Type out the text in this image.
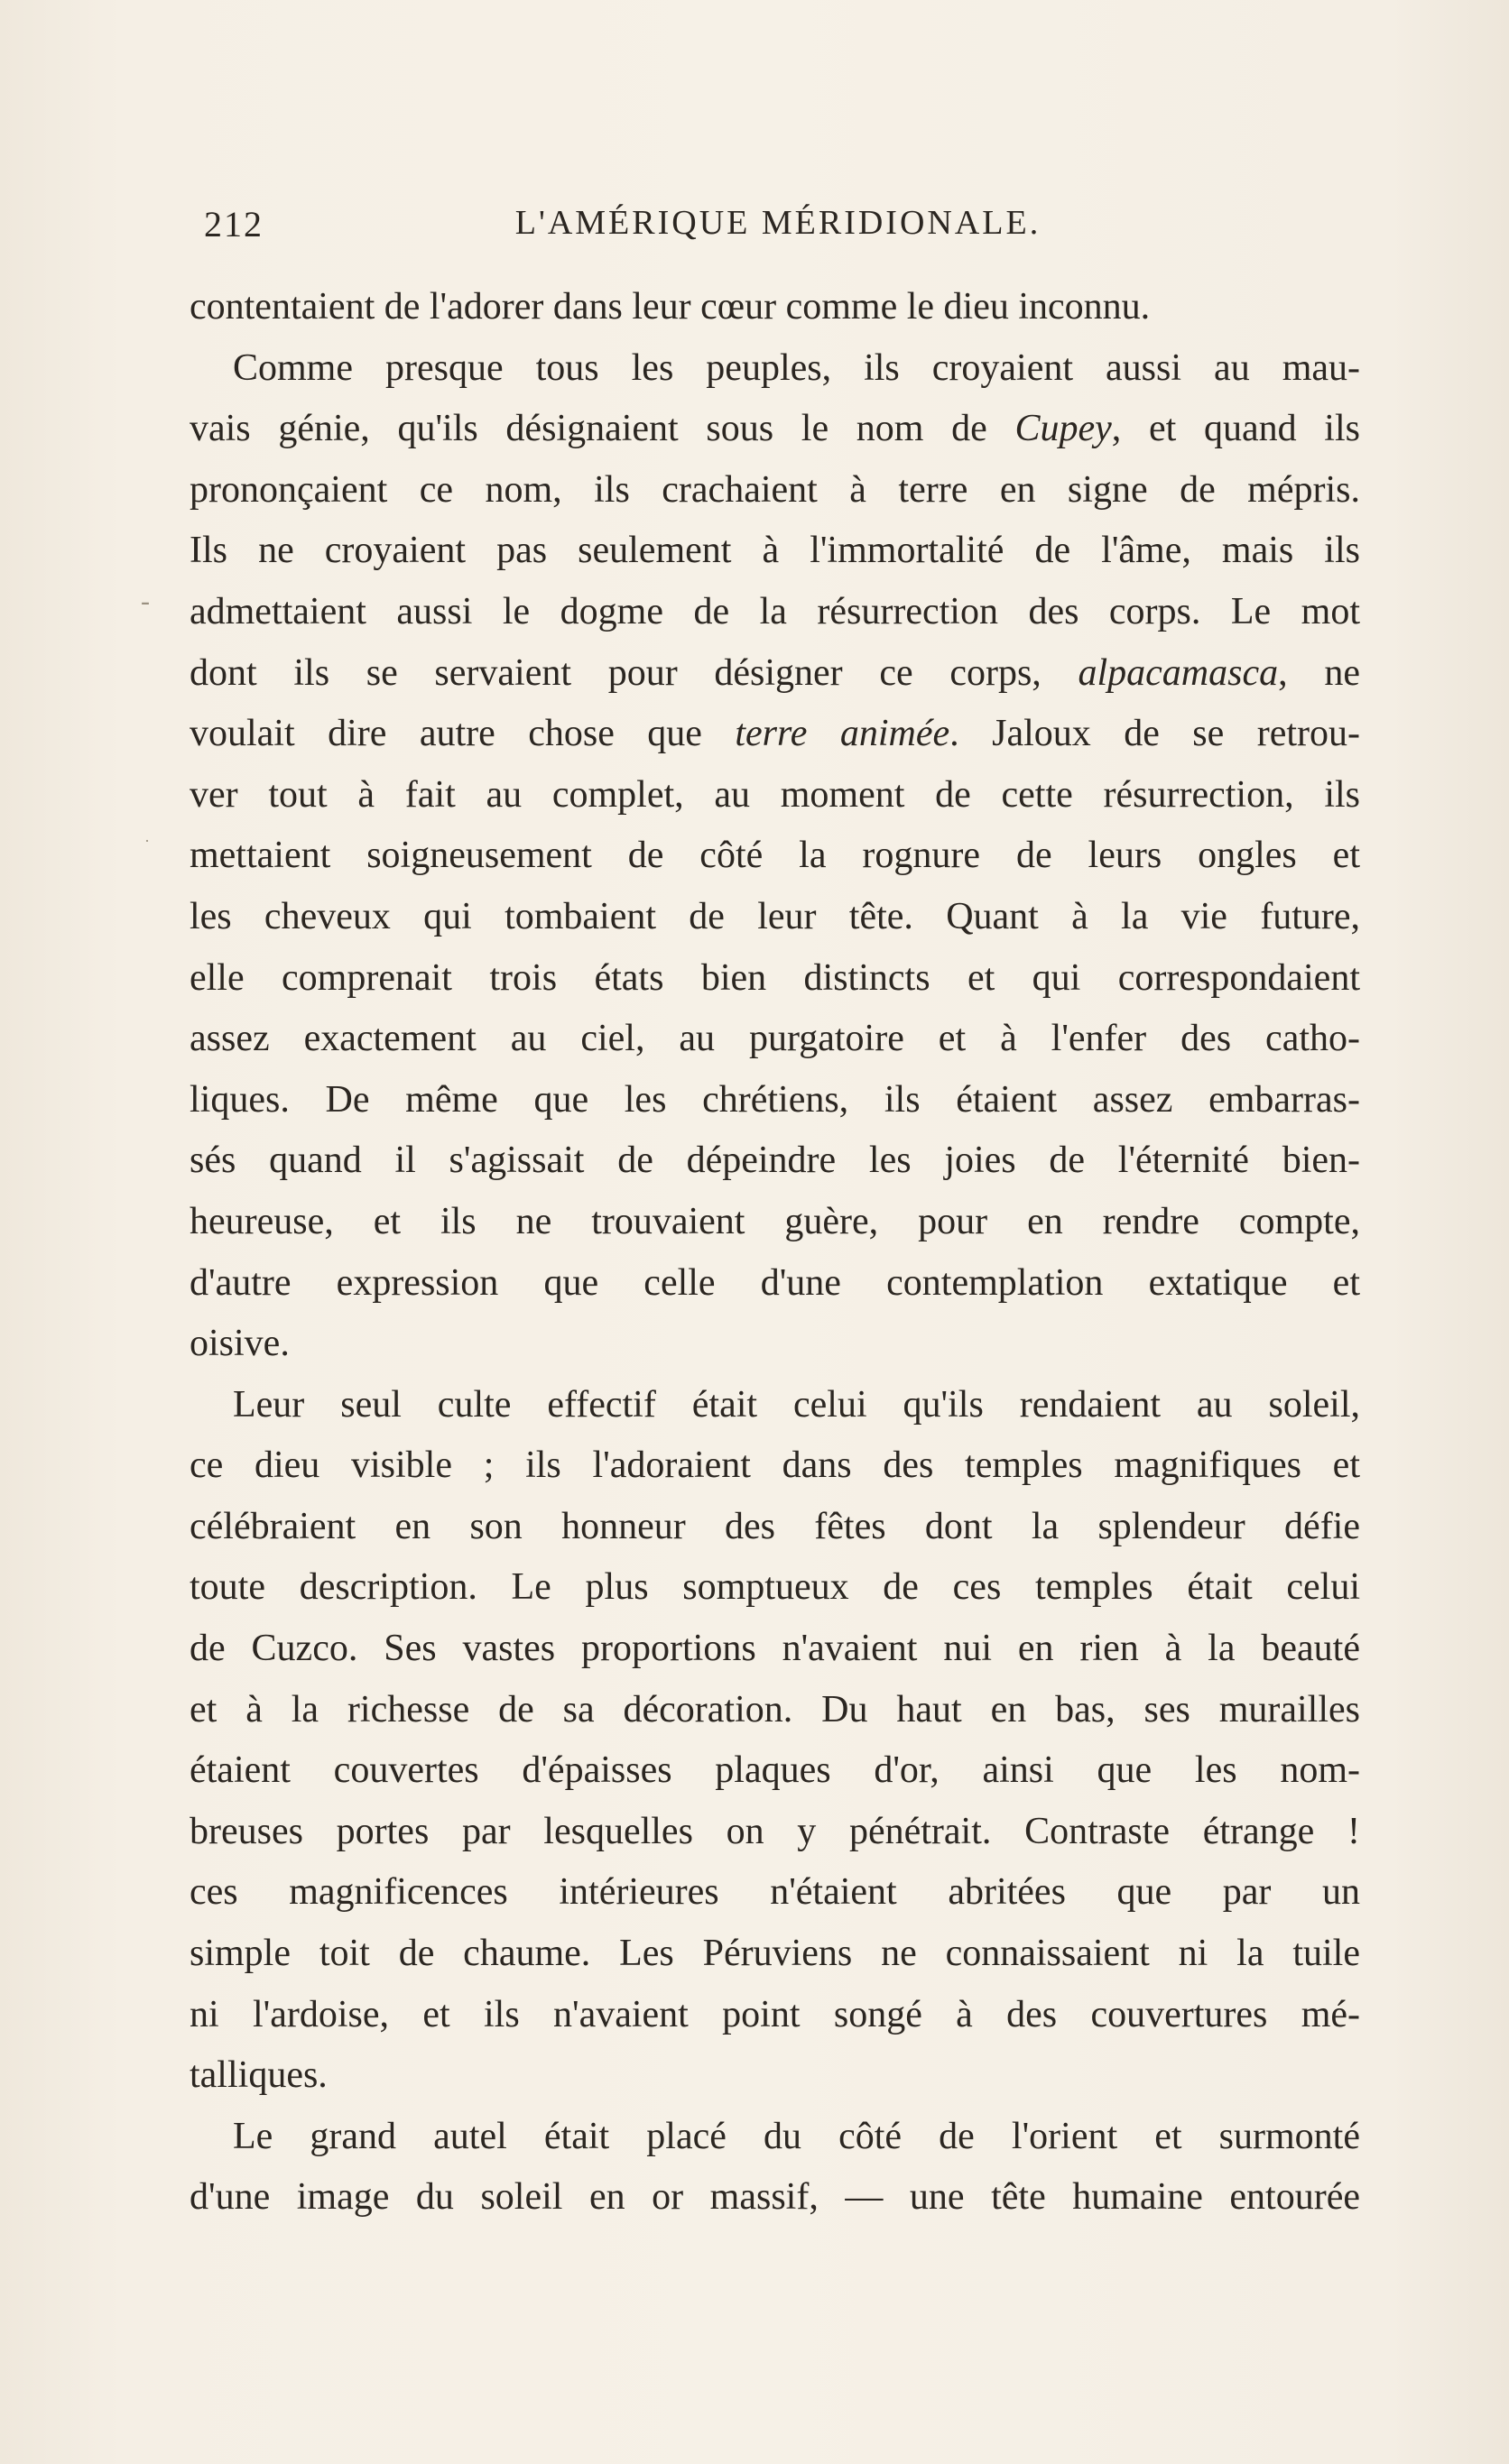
212	L'AMÉRIQUE MÉRIDIONALE.
contentaient de l'adorer dans leur cœur comme le dieu inconnu.
Comme presque tous les peuples, ils croyaient aussi au mau-
vais génie, qu'ils désignaient sous le nom de Cupey, et quand ils
prononçaient ce nom, ils crachaient à terre en signe de mépris.
Ils ne croyaient pas seulement à l'immortalité de l'âme, mais ils
admettaient aussi le dogme de la résurrection des corps. Le mot
dont ils se servaient pour désigner ce corps, alpacamasca, ne
voulait dire autre chose que terre animée. Jaloux de se retrou-
ver tout à fait au complet, au moment de cette résurrection, ils
mettaient soigneusement de côté la rognure de leurs ongles et
les cheveux qui tombaient de leur tête. Quant à la vie future,
elle comprenait trois états bien distincts et qui correspondaient
assez exactement au ciel, au purgatoire et à l'enfer des catho-
liques. De même que les chrétiens, ils étaient assez embarras-
sés quand il s'agissait de dépeindre les joies de l'éternité bien-
heureuse, et ils ne trouvaient guère, pour en rendre compte,
d'autre expression que celle d'une contemplation extatique et
oisive.
Leur seul culte effectif était celui qu'ils rendaient au soleil,
ce dieu visible ; ils l'adoraient dans des temples magnifiques et
célébraient en son honneur des fêtes dont la splendeur défie
toute description. Le plus somptueux de ces temples était celui
de Cuzco. Ses vastes proportions n'avaient nui en rien à la beauté
et à la richesse de sa décoration. Du haut en bas, ses murailles
étaient couvertes d'épaisses plaques d'or, ainsi que les nom-
breuses portes par lesquelles on y pénétrait. Contraste étrange !
ces magnificences intérieures n'étaient abritées que par un
simple toit de chaume. Les Péruviens ne connaissaient ni la tuile
ni l'ardoise, et ils n'avaient point songé à des couvertures mé-
talliques.
Le grand autel était placé du côté de l'orient et surmonté
d'une image du soleil en or massif, — une tête humaine entourée
-
·
